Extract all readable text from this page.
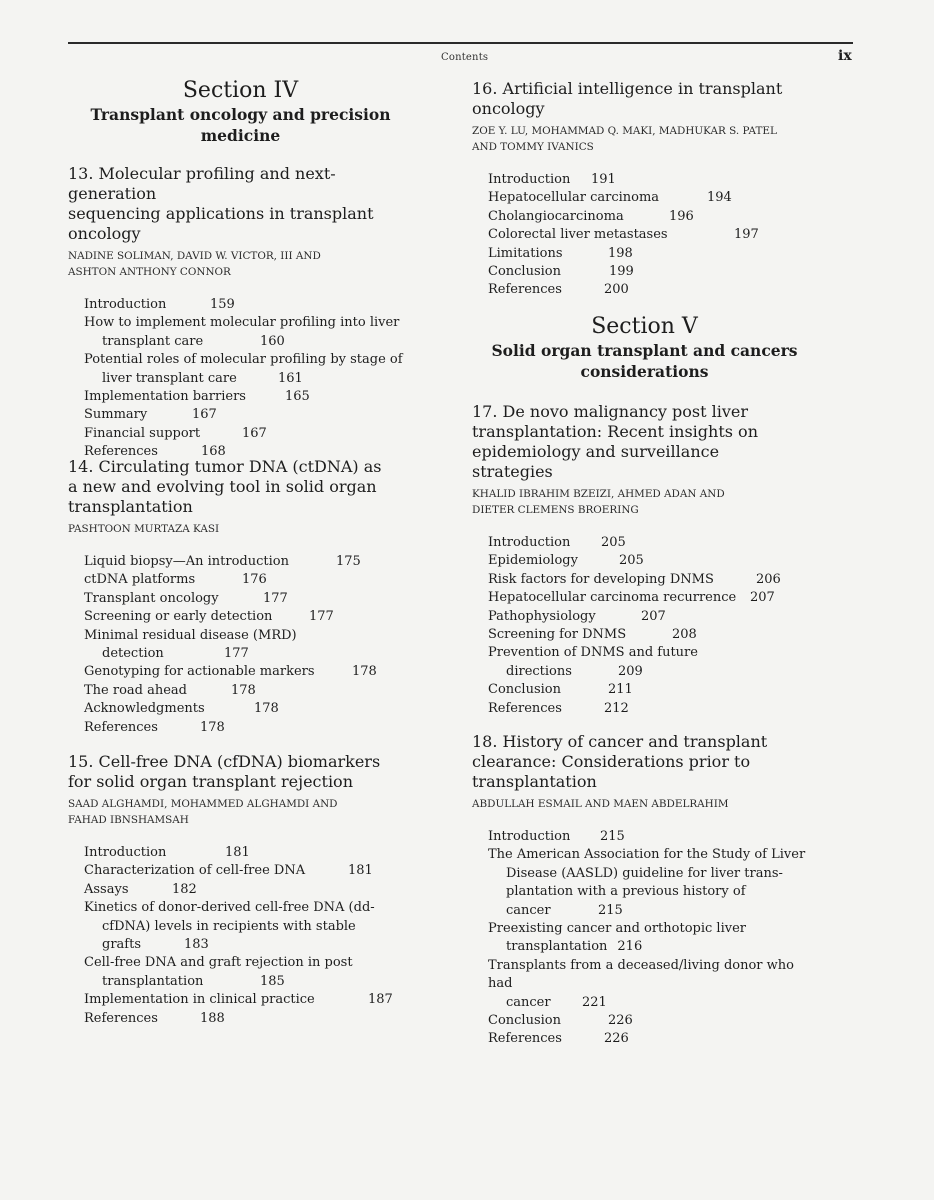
Contents	ix
Section IV
Transplant oncology and precision
medicine
13. Molecular profiling and next-generation
sequencing applications in transplant
oncology
NADINE SOLIMAN, DAVID W. VICTOR, III AND
ASHTON ANTHONY CONNOR
Introduction	159
How to implement molecular profiling into liver
transplant care	160
Potential roles of molecular profiling by stage of
liver transplant care	161
Implementation barriers	165
Summary	167
Financial support	167
References	168
14. Circulating tumor DNA (ctDNA) as
a new and evolving tool in solid organ
transplantation
PASHTOON MURTAZA KASI
Liquid biopsy—An introduction	175
ctDNA platforms	176
Transplant oncology	177
Screening or early detection	177
Minimal residual disease (MRD)
detection	177
Genotyping for actionable markers	178
The road ahead	178
Acknowledgments	178
References	178
15. Cell-free DNA (cfDNA) biomarkers
for solid organ transplant rejection
SAAD ALGHAMDI, MOHAMMED ALGHAMDI AND
FAHAD IBNSHAMSAH
Introduction	181
Characterization of cell-free DNA	181
Assays	182
Kinetics of donor-derived cell-free DNA (dd-
cfDNA) levels in recipients with stable
grafts	183
Cell-free DNA and graft rejection in post
transplantation	185
Implementation in clinical practice	187
References	188
16. Artificial intelligence in transplant
oncology
ZOE Y. LU, MOHAMMAD Q. MAKI, MADHUKAR S. PATEL
AND TOMMY IVANICS
Introduction 191
Hepatocellular carcinoma	194
Cholangiocarcinoma	196
Colorectal liver metastases	197
Limitations	198
Conclusion	199
References	200
Section V
Solid organ transplant and cancers
considerations
17. De novo malignancy post liver
transplantation: Recent insights on
epidemiology and surveillance
strategies
KHALID IBRAHIM BZEIZI, AHMED ADAN AND
DIETER CLEMENS BROERING
Introduction 205
Epidemiology	205
Risk factors for developing DNMS	206
Hepatocellular carcinoma recurrence 207
Pathophysiology	207
Screening for DNMS	208
Prevention of DNMS and future
directions	209
Conclusion	211
References	212
18. History of cancer and transplant
clearance: Considerations prior to
transplantation
ABDULLAH ESMAIL AND MAEN ABDELRAHIM
Introduction 215
The American Association for the Study of Liver
Disease (AASLD) guideline for liver trans-
plantation with a previous history of
cancer	215
Preexisting cancer and orthotopic liver
transplantation 216
Transplants from a deceased/living donor who had
cancer 221
Conclusion	226
References	226
